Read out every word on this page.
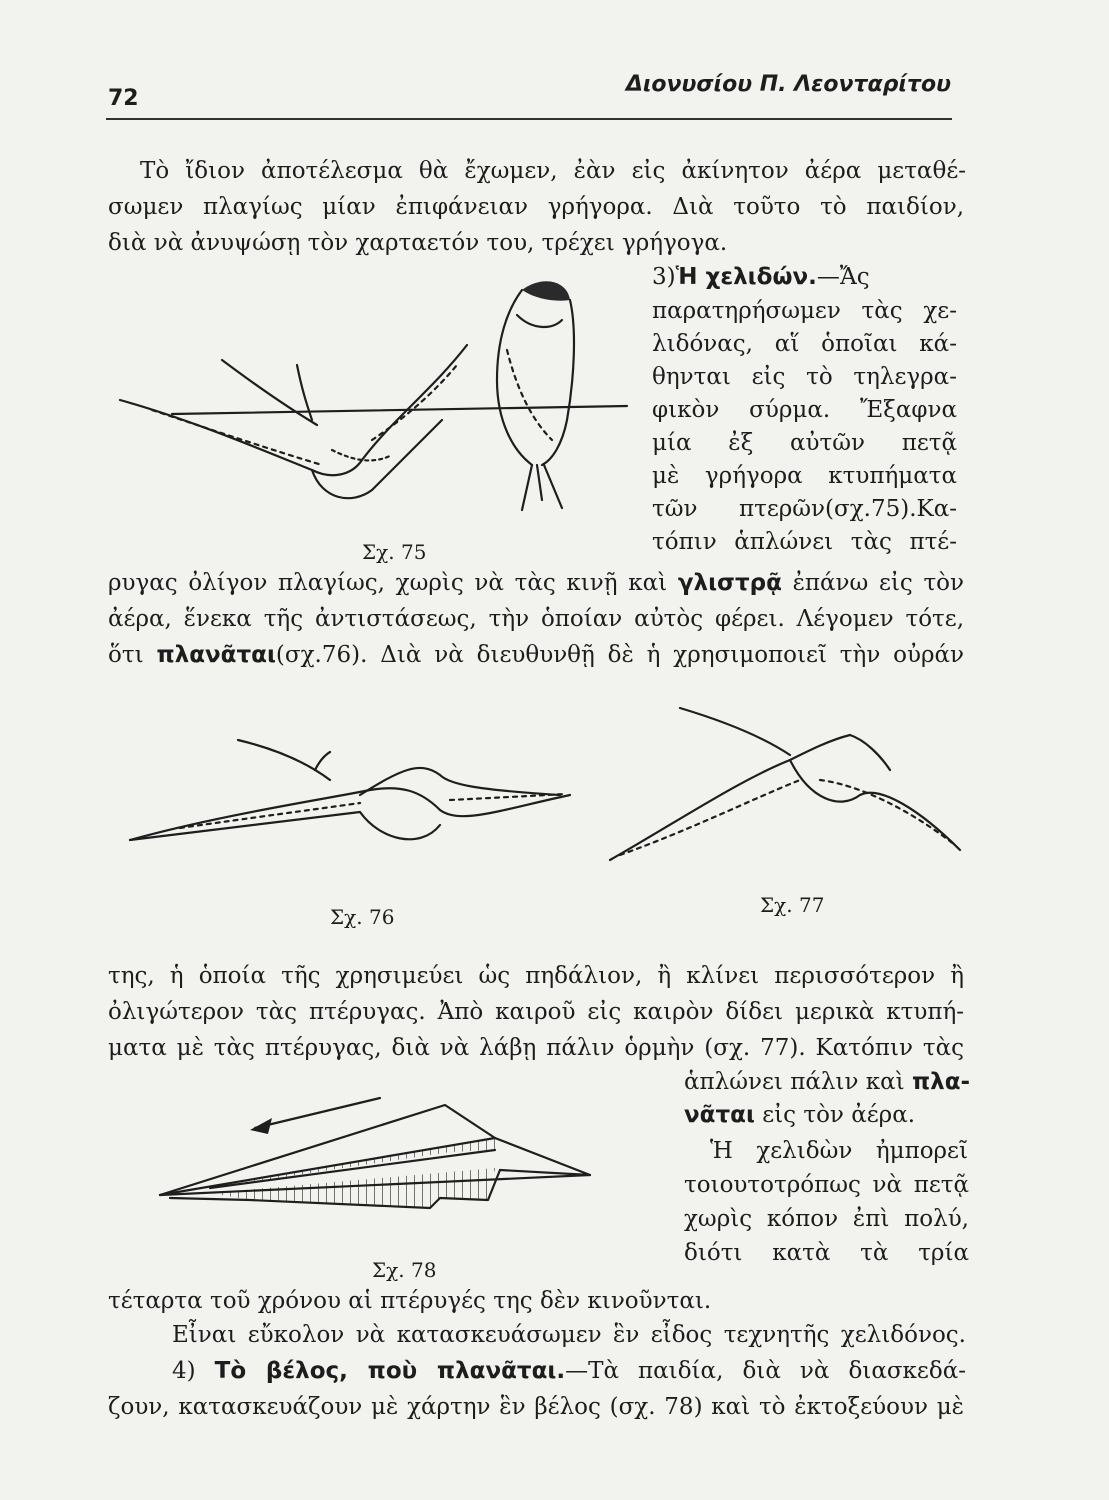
72
Διονυσίου Π. Λεονταρίτου
Τὸ ἴδιον ἀποτέλεσμα θὰ ἔχωμεν, ἐὰν εἰς ἀκίνητον ἀέρα μεταθέ-
σωμεν πλαγίως μίαν ἐπιφάνειαν γρήγορα. Διὰ τοῦτο τὸ παιδίον,
διὰ νὰ ἀνυψώσῃ τὸν χαρταετόν του, τρέχει γρήγογα.
3)Ἡ χελιδών.—Ἄς
παρατηρήσωμεν τὰς χε-
λιδόνας, αἵ ὁποῖαι κά-
θηνται εἰς τὸ τηλεγρα-
φικὸν σύρμα. Ἔξαφνα
μία ἐξ αὐτῶν πετᾷ
μὲ γρήγορα κτυπήματα
τῶν πτερῶν(σχ.75).Κα-
τόπιν ἁπλώνει τὰς πτέ-
Σχ. 75
ρυγας ὀλίγον πλαγίως, χωρὶς νὰ τὰς κινῇ καὶ γλιστρᾷ ἐπάνω εἰς τὸν
ἀέρα, ἕνεκα τῆς ἀντιστάσεως, τὴν ὁποίαν αὐτὸς φέρει. Λέγομεν τότε,
ὅτι πλανᾶται(σχ.76). Διὰ νὰ διευθυνθῇ δὲ ἡ χρησιμοποιεῖ τὴν οὐράν
Σχ. 76	Σχ. 77
της, ἡ ὁποία τῆς χρησιμεύει ὡς πηδάλιον, ἢ κλίνει περισσότερον ἢ
ὀλιγώτερον τὰς πτέρυγας. Ἀπὸ καιροῦ εἰς καιρὸν δίδει μερικὰ κτυπή-
ματα μὲ τὰς πτέρυγας, διὰ νὰ λάβῃ πάλιν ὁρμὴν (σχ. 77). Κατόπιν τὰς
ἁπλώνει πάλιν καὶ πλα-
νᾶται εἰς τὸν ἀέρα.
Ἡ χελιδὼν ἠμπορεῖ
τοιουτοτρόπως νὰ πετᾷ
χωρὶς κόπον ἐπὶ πολύ,
διότι κατὰ τὰ τρία
Σχ. 78
τέταρτα τοῦ χρόνου αἱ πτέρυγές της δὲν κινοῦνται.
Εἶναι εὔκολον νὰ κατασκευάσωμεν ἓν εἶδος τεχνητῆς χελιδόνος.
4) Τὸ βέλος, ποὺ πλανᾶται.—Τὰ παιδία, διὰ νὰ διασκεδά-
ζουν, κατασκευάζουν μὲ χάρτην ἓν βέλος (σχ. 78) καὶ τὸ ἐκτοξεύουν μὲ
